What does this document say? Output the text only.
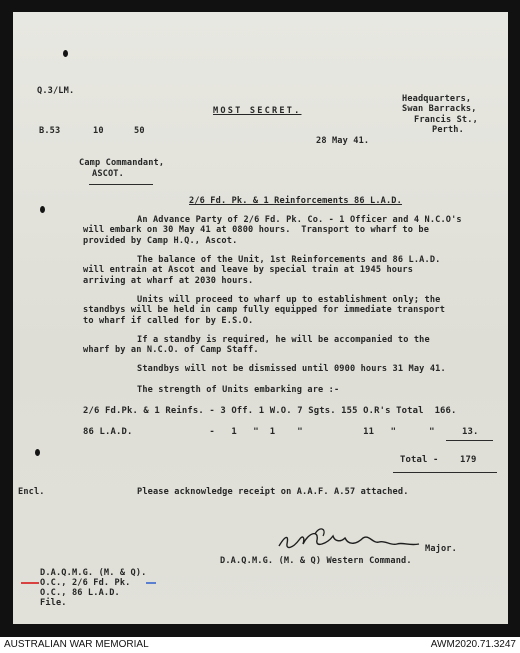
Q.3/LM.
MOST SECRET.
Headquarters,
Swan Barracks,
Francis St.,
Perth.
B.53	10	50
28 May 41.
Camp Commandant,
ASCOT.
2/6 Fd. Pk. & 1 Reinforcements 86 L.A.D.
An Advance Party of 2/6 Fd. Pk. Co. - 1 Officer and 4 N.C.O's
will embark on 30 May 41 at 0800 hours.  Transport to wharf to be
provided by Camp H.Q., Ascot.
The balance of the Unit, 1st Reinforcements and 86 L.A.D.
will entrain at Ascot and leave by special train at 1945 hours
arriving at wharf at 2030 hours.
Units will proceed to wharf up to establishment only; the
standbys will be held in camp fully equipped for immediate transport
to wharf if called for by E.S.O.
If a standby is required, he will be accompanied to the
wharf by an N.C.O. of Camp Staff.
Standbys will not be dismissed until 0900 hours 31 May 41.
The strength of Units embarking are :-
2/6 Fd.Pk. & 1 Reinfs. - 3 Off. 1 W.O. 7 Sgts. 155 O.R's Total  166.
86 L.A.D.              -   1   "  1    "           11   "      "     13.
Total - 179
Encl.	Please acknowledge receipt on A.A.F. A.57 attached.
Major.
D.A.Q.M.G. (M. & Q) Western Command.
D.A.Q.M.G. (M. & Q).
O.C., 2/6 Fd. Pk.
O.C., 86 L.A.D.
File.
AUSTRALIAN WAR MEMORIAL	AWM2020.71.3247
